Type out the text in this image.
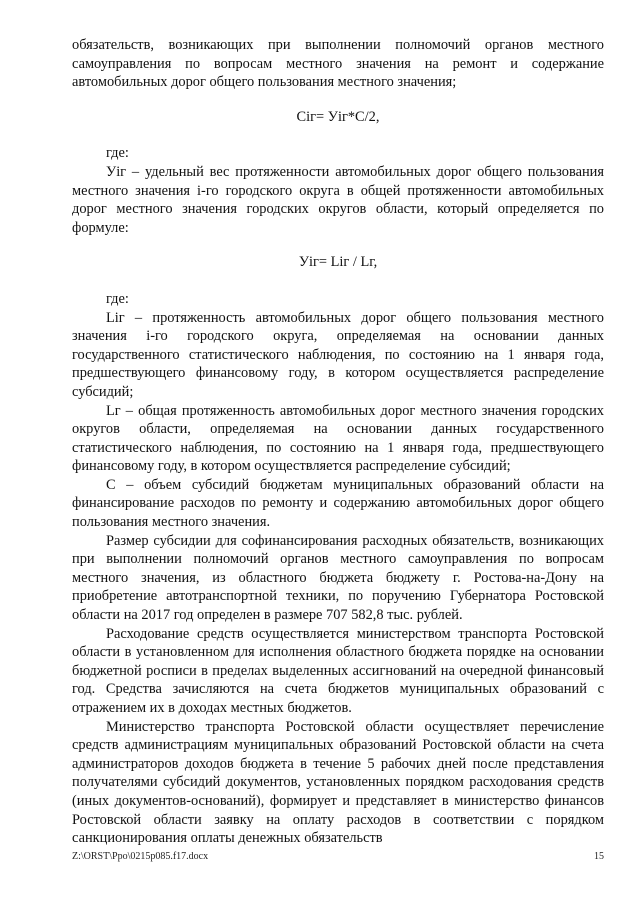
обязательств, возникающих при выполнении полномочий органов местного самоуправления по вопросам местного значения на ремонт и содержание автомобильных дорог общего пользования местного значения;

Сiг= Уiг*С/2,

где:

Уiг – удельный вес протяженности автомобильных дорог общего пользования местного значения i-го городского округа в общей протяженности автомобильных дорог местного значения городских округов области, который определяется по формуле:

Уiг= Liг / Lг,

где:

Liг – протяженность автомобильных дорог общего пользования местного значения i-го городского округа, определяемая на основании данных государственного статистического наблюдения, по состоянию на 1 января года, предшествующего финансовому году, в котором осуществляется распределение субсидий;

Lг – общая протяженность автомобильных дорог местного значения городских округов области, определяемая на основании данных государственного статистического наблюдения, по состоянию на 1 января года, предшествующего финансовому году, в котором осуществляется распределение субсидий;

С – объем субсидий бюджетам муниципальных образований области на финансирование расходов по ремонту и содержанию автомобильных дорог общего пользования местного значения.

Размер субсидии для софинансирования расходных обязательств, возникающих при выполнении полномочий органов местного самоуправления по вопросам местного значения, из областного бюджета бюджету г. Ростова-на-Дону на приобретение автотранспортной техники, по поручению Губернатора Ростовской области на 2017 год определен в размере 707 582,8 тыс. рублей.

Расходование средств осуществляется министерством транспорта Ростовской области в установленном для исполнения областного бюджета порядке на основании бюджетной росписи в пределах выделенных ассигнований на очередной финансовый год. Средства зачисляются на счета бюджетов муниципальных образований с отражением их в доходах местных бюджетов.

Министерство транспорта Ростовской области осуществляет перечисление средств администрациям муниципальных образований Ростовской области на счета администраторов доходов бюджета в течение 5 рабочих дней после представления получателями субсидий документов, установленных порядком расходования средств (иных документов-оснований), формирует и представляет в министерство финансов Ростовской области заявку на оплату расходов в соответствии с порядком санкционирования оплаты денежных обязательств

Z:\ORST\Ppo\0215p085.f17.docx	15
